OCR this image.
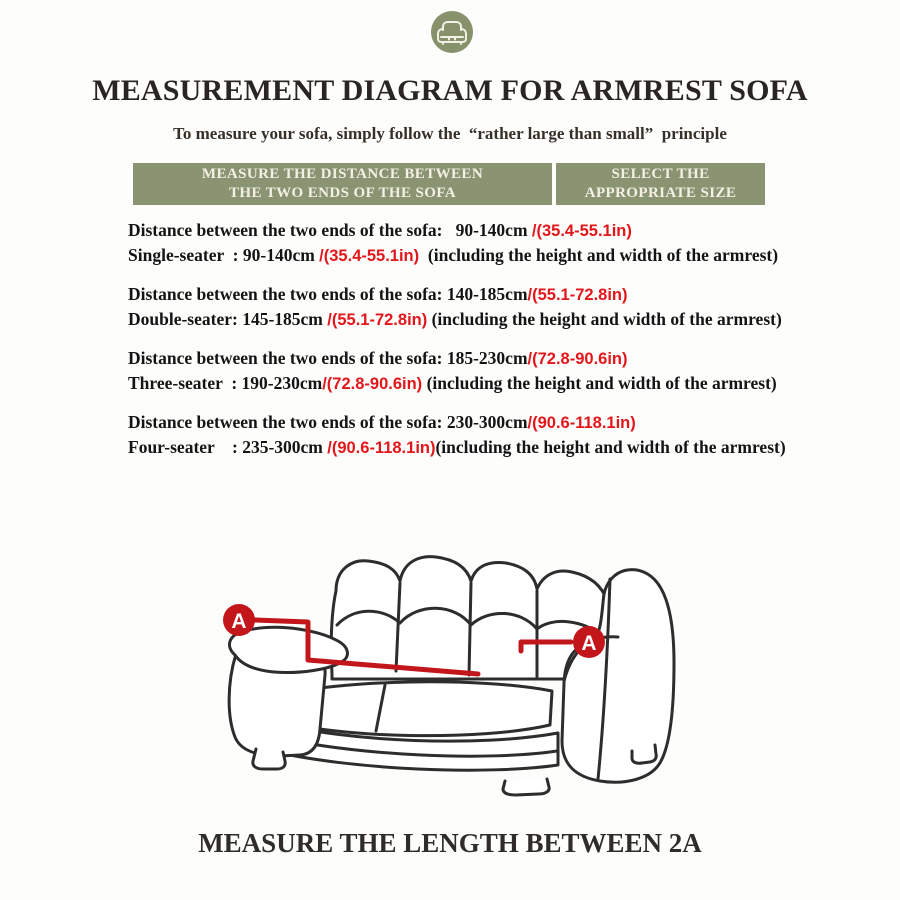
MEASUREMENT DIAGRAM FOR ARMREST SOFA
To measure your sofa, simply follow the  “rather large than small”  principle
MEASURE THE DISTANCE BETWEEN
THE TWO ENDS OF THE SOFA
SELECT THE
APPROPRIATE SIZE
Distance between the two ends of the sofa:   90-140cm /(35.4-55.1in)
Single-seater  : 90-140cm /(35.4-55.1in)  (including the height and width of the armrest)
Distance between the two ends of the sofa: 140-185cm/(55.1-72.8in)
Double-seater: 145-185cm /(55.1-72.8in) (including the height and width of the armrest)
Distance between the two ends of the sofa: 185-230cm/(72.8-90.6in)
Three-seater  : 190-230cm/(72.8-90.6in) (including the height and width of the armrest)
Distance between the two ends of the sofa: 230-300cm/(90.6-118.1in)
Four-seater    : 235-300cm /(90.6-118.1in)(including the height and width of the armrest)
A
A
MEASURE THE LENGTH BETWEEN 2A
